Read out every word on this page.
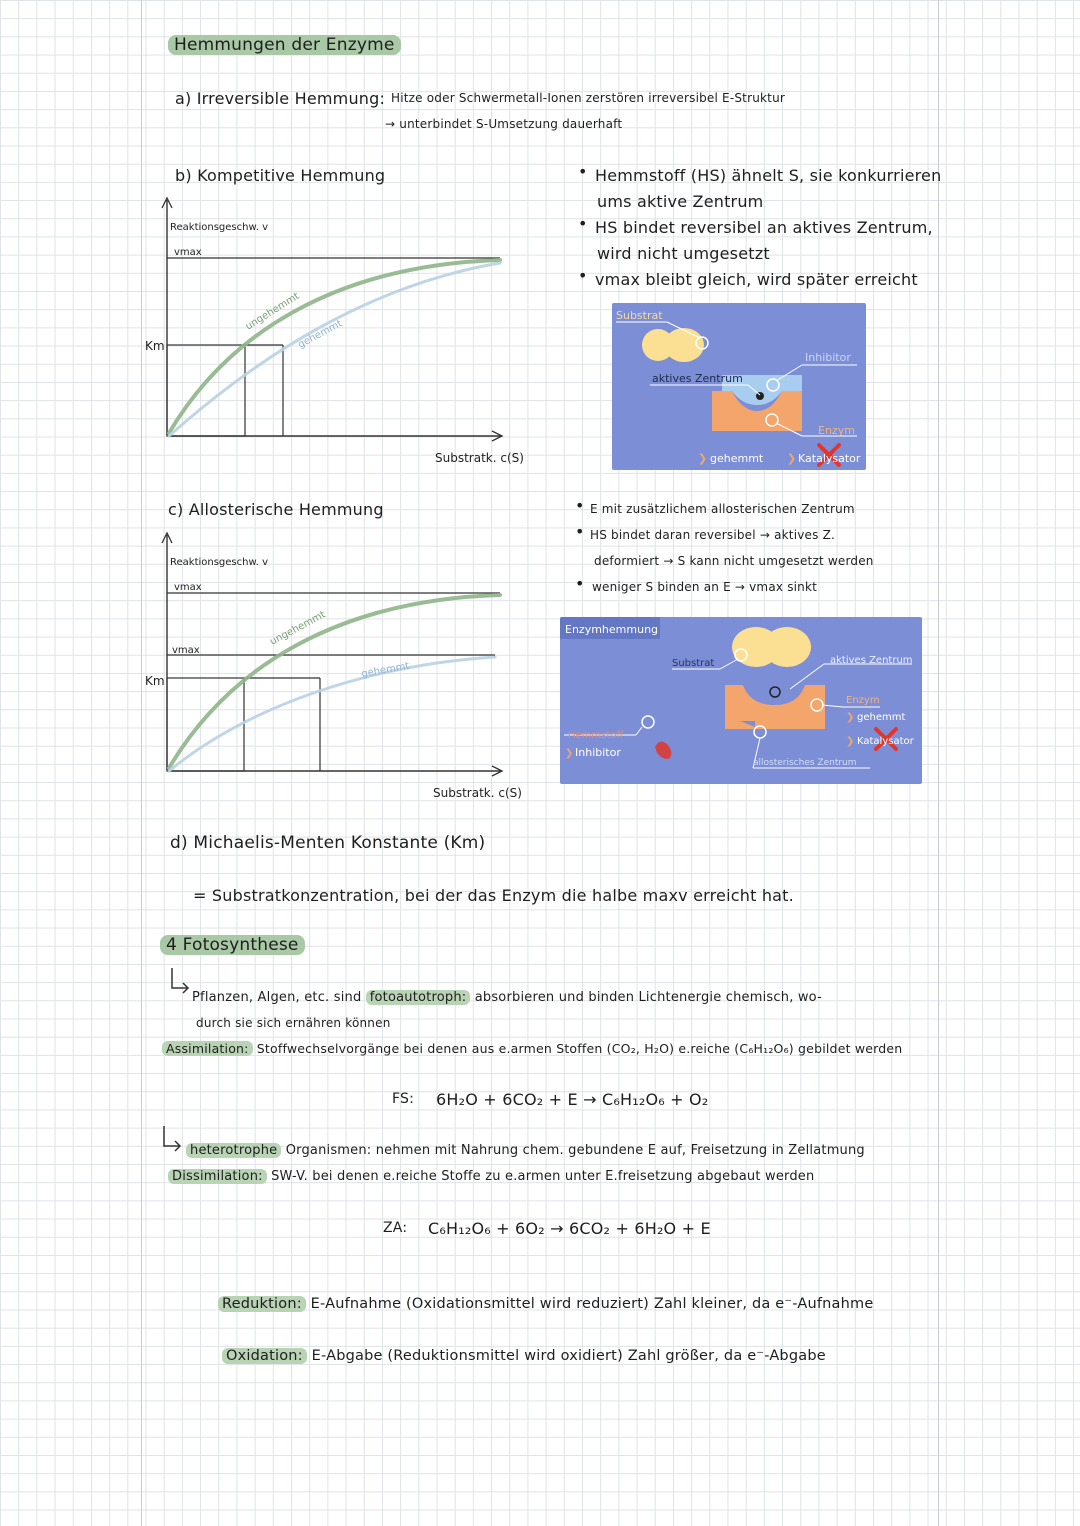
Hemmungen der Enzyme
a) Irreversible Hemmung: Hitze oder Schwermetall-Ionen zerstören irreversibel E-Struktur
→ unterbindet S-Umsetzung dauerhaft
b) Kompetitive Hemmung	• Hemmstoff (HS) ähnelt S, sie konkurrieren
ums aktive Zentrum
• HS bindet reversibel an aktives Zentrum,
wird nicht umgesetzt
• vmax bleibt gleich, wird später erreicht
Reaktionsgeschw. v
vmax
Km
Substratk. c(S)
ungehemmt
gehemmt
Substrat
aktives Zentrum
Inhibitor
Enzym
❯ gehemmt ❯ Katalysator
c) Allosterische Hemmung	• E mit zusätzlichem allosterischen Zentrum
• HS bindet daran reversibel → aktives Z.
deformiert → S kann nicht umgesetzt werden
• weniger S binden an E → vmax sinkt
Reaktionsgeschw. v
vmax
vmax
Km
Substratk. c(S)
ungehemmt
gehemmt
Enzymhemmung
Substrat	aktives Zentrum
Enzym
❯ gehemmt
❯ Katalysator
Hemmstoff
❯ Inhibitor
allosterisches Zentrum
d) Michaelis-Menten Konstante (Km)
= Substratkonzentration, bei der das Enzym die halbe maxv erreicht hat.
4 Fotosynthese
Pflanzen, Algen, etc. sind fotoautotroph: absorbieren und binden Lichtenergie chemisch, wo-
durch sie sich ernähren können
Assimilation: Stoffwechselvorgänge bei denen aus e.armen Stoffen (CO₂, H₂O) e.reiche (C₆H₁₂O₆) gebildet werden
FS: 6H₂O + 6CO₂ + E → C₆H₁₂O₆ + O₂
heterotrophe Organismen: nehmen mit Nahrung chem. gebundene E auf, Freisetzung in Zellatmung
Dissimilation: SW-V. bei denen e.reiche Stoffe zu e.armen unter E.freisetzung abgebaut werden
ZA: C₆H₁₂O₆ + 6O₂ → 6CO₂ + 6H₂O + E
Reduktion: E-Aufnahme (Oxidationsmittel wird reduziert) Zahl kleiner, da e⁻-Aufnahme
Oxidation: E-Abgabe (Reduktionsmittel wird oxidiert) Zahl größer, da e⁻-Abgabe
